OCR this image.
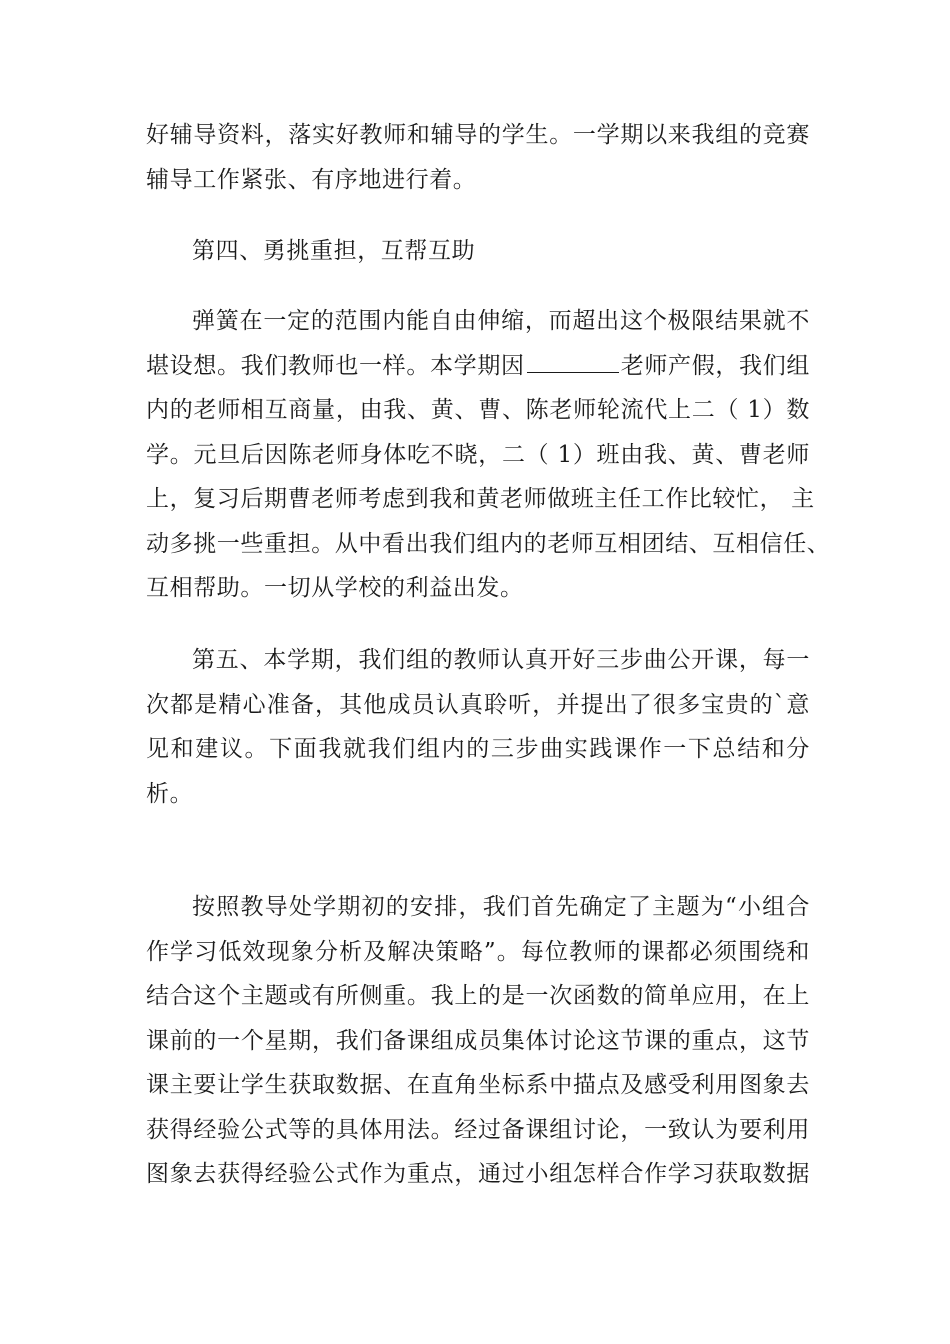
好辅导资料，落实好教师和辅导的学生。一学期以来我组的竞赛
辅导工作紧张、有序地进行着。
第四、勇挑重担，互帮互助
弹簧在一定的范围内能自由伸缩，而超出这个极限结果就不
堪设想。我们教师也一样。本学期因	老师产假，我们组
内的老师相互商量，由我、黄、曹、陈老师轮流代上二（ 1）数
学。元旦后因陈老师身体吃不晓，二（ 1）班由我、黄、曹老师
上，复习后期曹老师考虑到我和黄老师做班主任工作比较忙， 主
动多挑一些重担。从中看出我们组内的老师互相团结、互相信任、
互相帮助。一切从学校的利益出发。
第五、本学期，我们组的教师认真开好三步曲公开课，每一
次都是精心准备，其他成员认真聆听，并提出了很多宝贵的`意
见和建议。下面我就我们组内的三步曲实践课作一下总结和分
析。
按照教导处学期初的安排，我们首先确定了主题为“小组合
作学习低效现象分析及解决策略”。每位教师的课都必须围绕和
结合这个主题或有所侧重。我上的是一次函数的简单应用，在上
课前的一个星期，我们备课组成员集体讨论这节课的重点，这节
课主要让学生获取数据、在直角坐标系中描点及感受利用图象去
获得经验公式等的具体用法。经过备课组讨论，一致认为要利用
图象去获得经验公式作为重点，通过小组怎样合作学习获取数据
